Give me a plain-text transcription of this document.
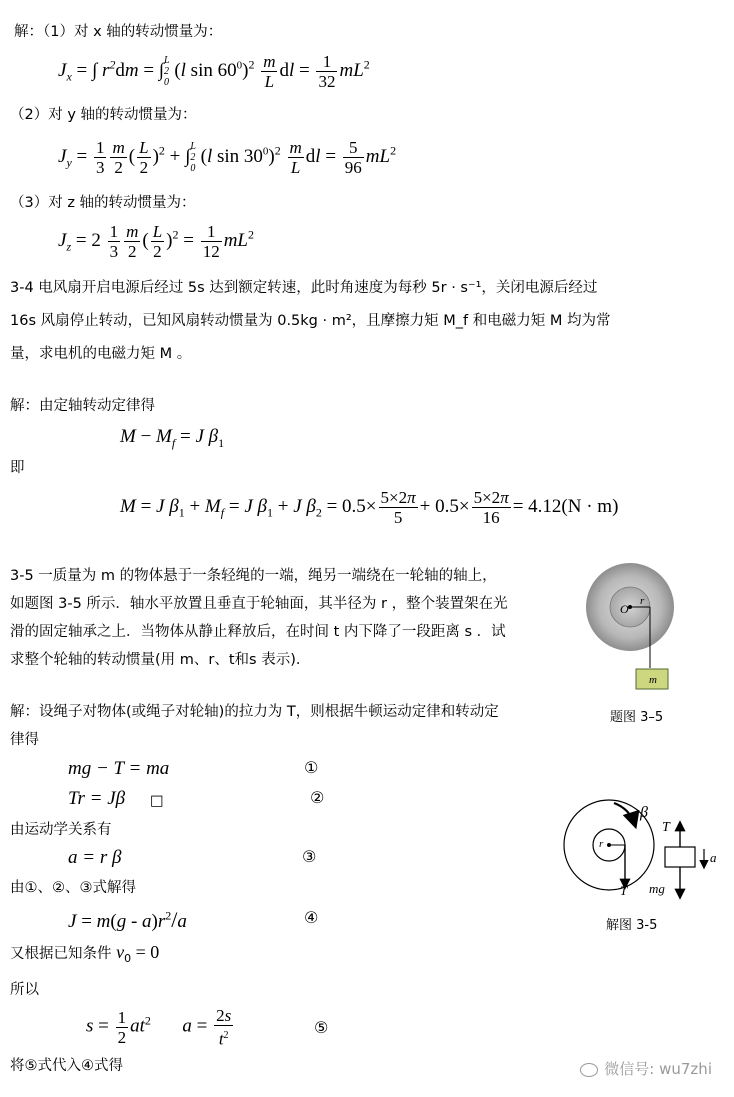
解：（1）对 x 轴的转动惯量为：
$J_x$ = ∫ $r^2dm = \int L$
2
0 (l $\sin 60^0)^2 \frac{m}{L}$ dl = $\frac{1}{32} mL^2$
（2）对 y 轴的转动惯量为：
$J_y = \frac{1}{3} \frac{m}{2}$ ( $\frac{L}{2} )^2 + \int L$
2
0 (l $\sin 30^0)^2 \frac{m}{L}$ dl = $\frac{5}{96} mL^2$
（3）对 z 轴的转动惯量为：
$J_z = 2 \frac{1}{3} \frac{m}{2}$ ( $\frac{L}{2} )^2 = \frac{1}{12} mL^2$
3-4 电风扇开启电源后经过 5s 达到额定转速，此时角速度为每秒 5r · s⁻¹，关闭电源后经过
16s 风扇停止转动，已知风扇转动惯量为 0.5kg · m²，且摩擦力矩 M_f 和电磁力矩 M 均为常
量，求电机的电磁力矩 M 。
解：由定轴转动定律得
$M - M_f = J$ $\beta_1$
即
M = J $\beta_1 + M_f = J$ $\beta_1 + J$ $\beta_2 = 0.5\times \frac{5\times 2\pi}{5} + 0.5\times \frac{5\times 2\pi}{16} = 4.12(N \cdot m)$
3-5 一质量为 m 的物体悬于一条轻绳的一端，绳另一端绕在一轮轴的轴上，
如题图 3-5 所示．轴水平放置且垂直于轮轴面，其半径为 r ，整个装置架在光
滑的固定轴承之上．当物体从静止释放后，在时间 t 内下降了一段距离 s ．试
求整个轮轴的转动惯量(用 m、r、t和s 表示)．
O
r
m
题图 3–5
解：设绳子对物体(或绳子对轮轴)的拉力为 T，则根据牛顿运动定律和转动定
律得
mg − T = ma	①
Tr = Jβ □	②
由运动学关系有
a = r β	③
由①、②、③式解得
$J = m(g - a)r^2/a$	④
又根据已知条件 $v_0 = 0$
所以
$s = \frac{1}{2} at^2$  $a = \frac{2s}{t^2}$	⑤
将⑤式代入④式得
r
T
β
T
mg
a
解图 3-5
微信号: wu7zhi
